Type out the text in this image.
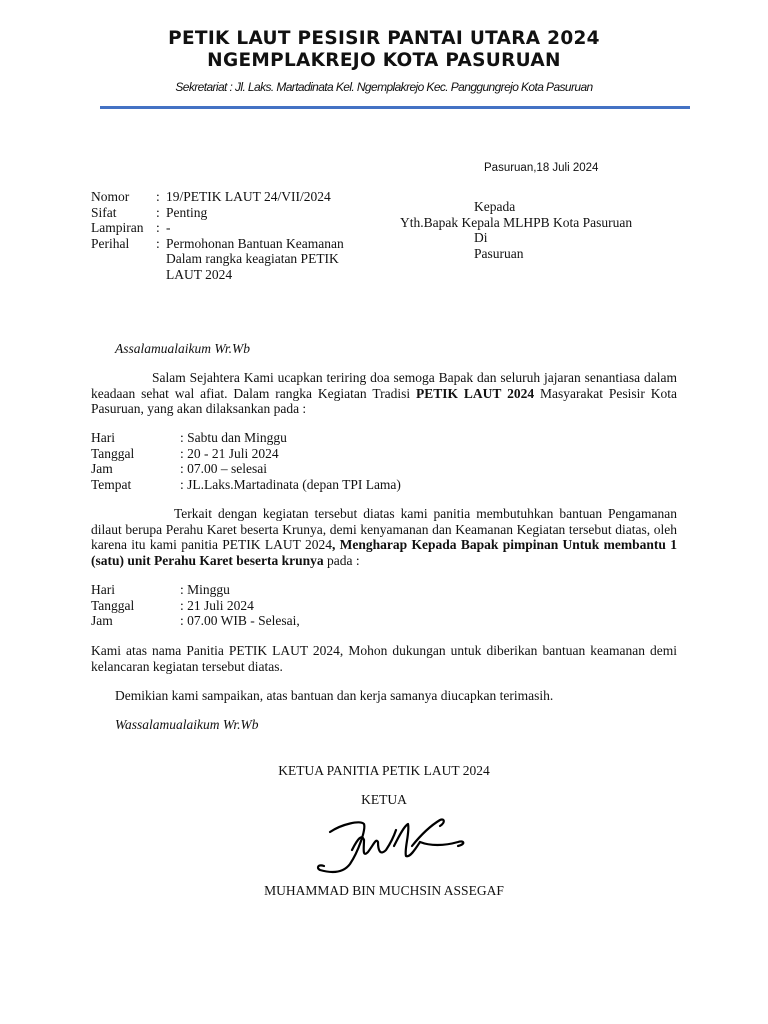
PETIK LAUT PESISIR PANTAI UTARA 2024

NGEMPLAKREJO KOTA PASURUAN

Sekretariat : Jl. Laks. Martadinata Kel. Ngemplakrejo Kec. Panggungrejo Kota Pasuruan
Pasuruan,18 Juli 2024
Nomor	: 19/PETIK LAUT 24/VII/2024
Sifat	: Penting
Lampiran : -
Perihal	: Permohonan Bantuan Keamanan Dalam rangka keagiatan PETIK LAUT 2024
Kepada
Yth.Bapak Kepala MLHPB Kota Pasuruan
Di
Pasuruan
Assalamualaikum Wr.Wb
Salam Sejahtera Kami ucapkan teriring doa semoga Bapak dan seluruh jajaran senantiasa dalam keadaan sehat wal afiat. Dalam rangka Kegiatan Tradisi PETIK LAUT 2024 Masyarakat Pesisir Kota Pasuruan, yang akan dilaksankan pada :
Hari	: Sabtu dan Minggu
Tanggal	: 20 - 21 Juli 2024
Jam	: 07.00 – selesai
Tempat	: JL.Laks.Martadinata (depan TPI Lama)
Terkait dengan kegiatan tersebut diatas kami panitia membutuhkan bantuan Pengamanan dilaut berupa Perahu Karet beserta Krunya, demi kenyamanan dan Keamanan Kegiatan tersebut diatas, oleh karena itu kami panitia PETIK LAUT 2024, Mengharap Kepada Bapak pimpinan Untuk membantu 1 (satu) unit Perahu Karet beserta krunya pada :
Hari	: Minggu
Tanggal	: 21 Juli 2024
Jam	: 07.00 WIB - Selesai,
Kami atas nama Panitia PETIK LAUT 2024, Mohon dukungan untuk diberikan bantuan keamanan demi kelancaran kegiatan tersebut diatas.
Demikian kami sampaikan, atas bantuan dan kerja samanya diucapkan terimasih.
Wassalamualaikum Wr.Wb
KETUA PANITIA PETIK LAUT 2024
KETUA
MUHAMMAD BIN MUCHSIN ASSEGAF
